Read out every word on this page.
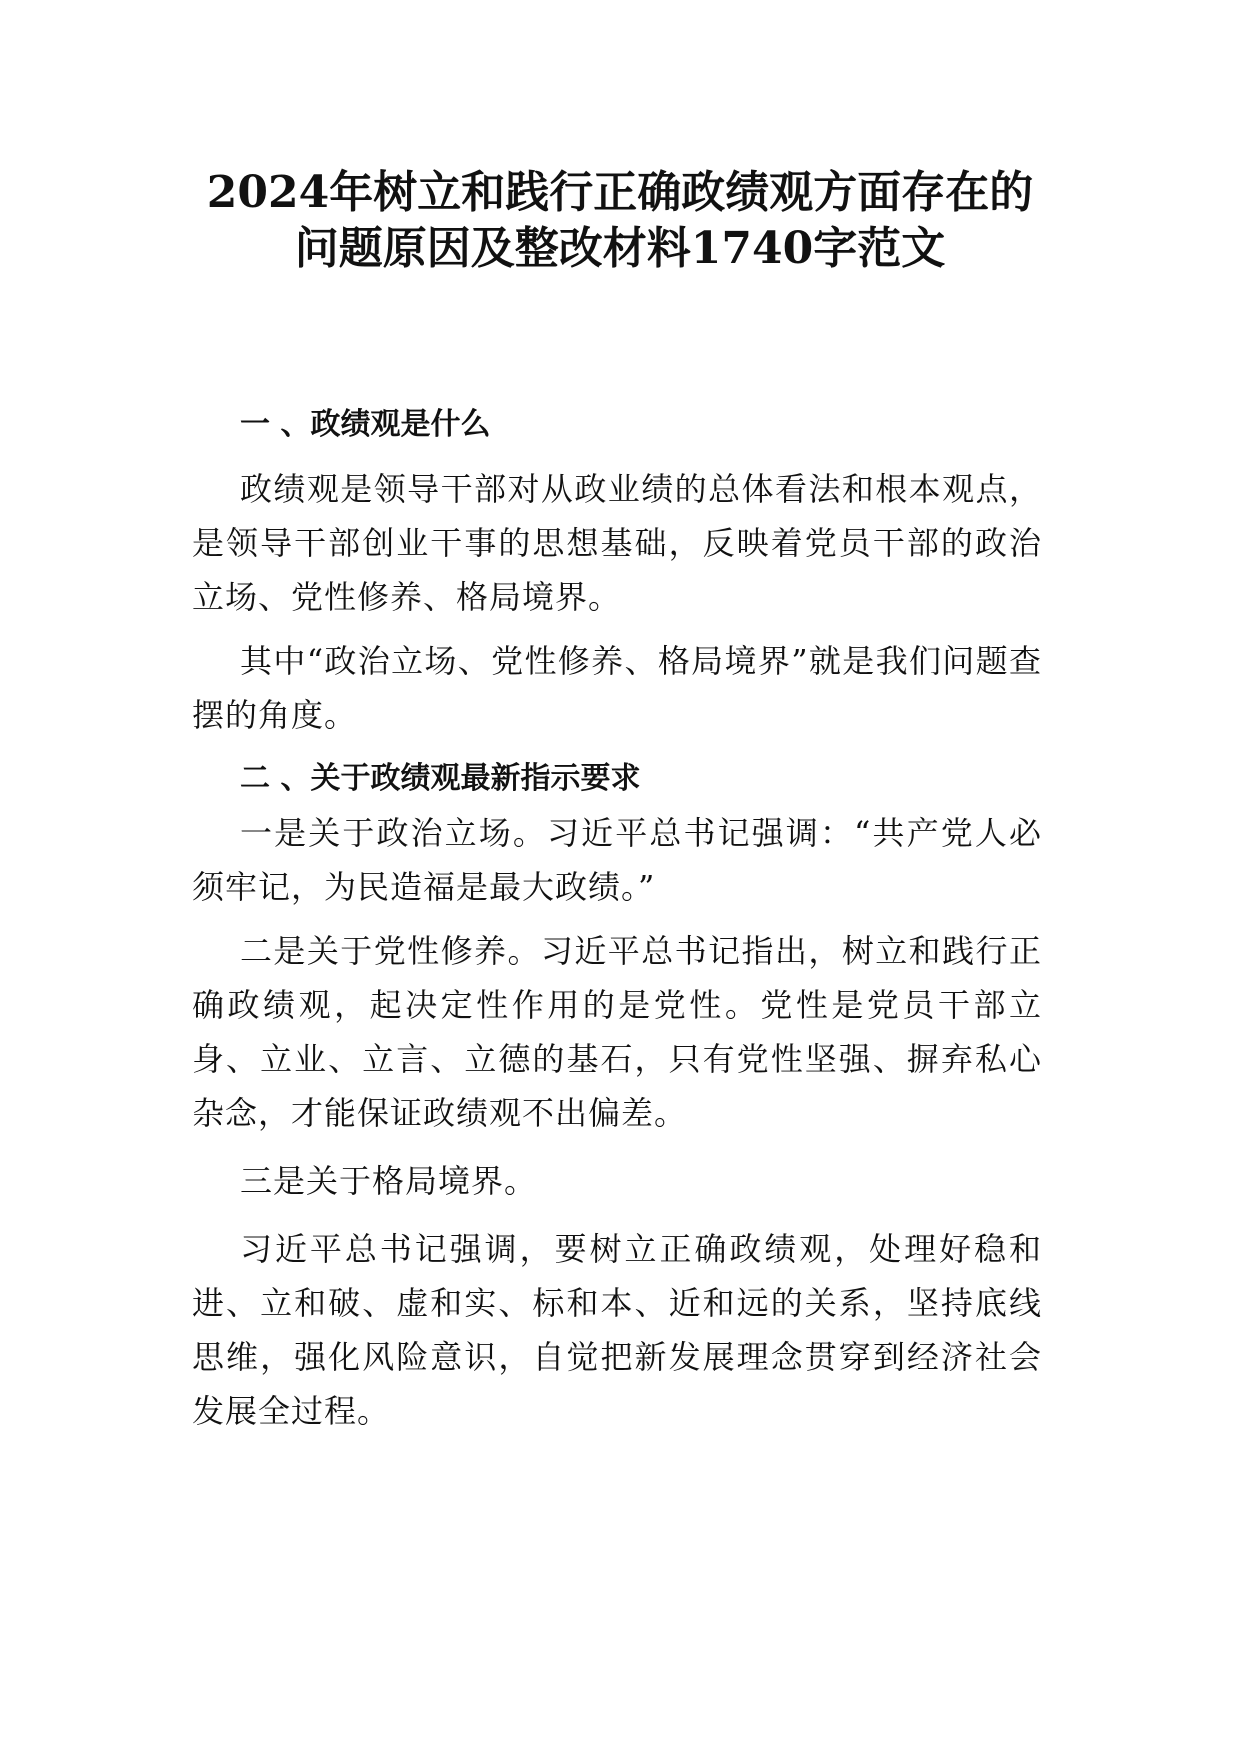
2024年树立和践行正确政绩观方面存在的
问题原因及整改材料1740字范文

一 、政绩观是什么

政绩观是领导干部对从政业绩的总体看法和根本观点，是领导干部创业干事的思想基础，反映着党员干部的政治立场、党性修养、格局境界。

其中“政治立场、党性修养、格局境界”就是我们问题查摆的角度。

二 、关于政绩观最新指示要求

一是关于政治立场。习近平总书记强调：“共产党人必须牢记，为民造福是最大政绩。”

二是关于党性修养。习近平总书记指出，树立和践行正确政绩观，起决定性作用的是党性。党性是党员干部立身、立业、立言、立德的基石，只有党性坚强、摒弃私心杂念，才能保证政绩观不出偏差。

三是关于格局境界。

习近平总书记强调，要树立正确政绩观，处理好稳和进、立和破、虚和实、标和本、近和远的关系，坚持底线思维，强化风险意识，自觉把新发展理念贯穿到经济社会发展全过程。
